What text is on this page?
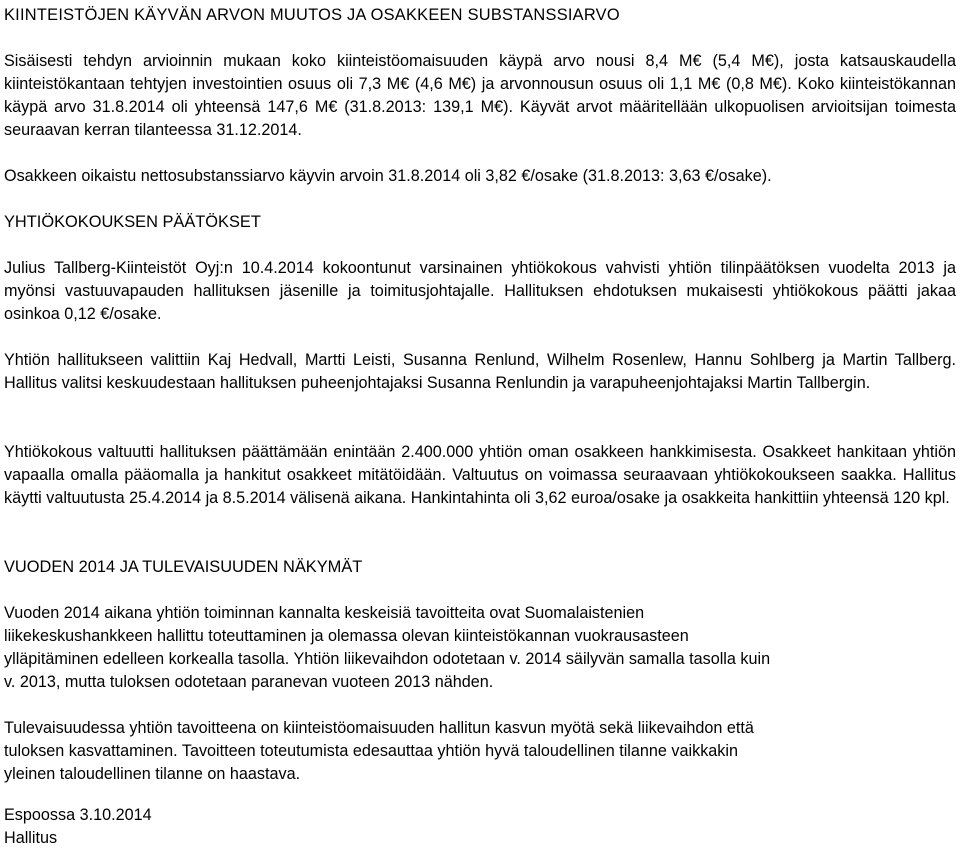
KIINTEISTÖJEN KÄYVÄN ARVON MUUTOS JA OSAKKEEN SUBSTANSSIARVO

Sisäisesti tehdyn arvioinnin mukaan koko kiinteistöomaisuuden käypä arvo nousi 8,4 M€ (5,4 M€), josta katsauskaudella kiinteistökantaan tehtyjen investointien osuus oli 7,3 M€ (4,6 M€) ja arvonnousun osuus oli 1,1 M€ (0,8 M€). Koko kiinteistökannan käypä arvo 31.8.2014 oli yhteensä 147,6 M€ (31.8.2013: 139,1 M€). Käyvät arvot määritellään ulkopuolisen arvioitsijan toimesta seuraavan kerran tilanteessa 31.12.2014.

Osakkeen oikaistu nettosubstanssiarvo käyvin arvoin 31.8.2014 oli 3,82 €/osake (31.8.2013: 3,63 €/osake).

YHTIÖKOKOUKSEN PÄÄTÖKSET

Julius Tallberg-Kiinteistöt Oyj:n 10.4.2014 kokoontunut varsinainen yhtiökokous vahvisti yhtiön tilinpäätöksen vuodelta 2013 ja myönsi vastuuvapauden hallituksen jäsenille ja toimitusjohtajalle. Hallituksen ehdotuksen mukaisesti yhtiökokous päätti jakaa osinkoa 0,12 €/osake.

Yhtiön hallitukseen valittiin Kaj Hedvall, Martti Leisti, Susanna Renlund, Wilhelm Rosenlew, Hannu Sohlberg ja Martin Tallberg. Hallitus valitsi keskuudestaan hallituksen puheenjohtajaksi Susanna Renlundin ja varapuheenjohtajaksi Martin Tallbergin.

Yhtiökokous valtuutti hallituksen päättämään enintään 2.400.000 yhtiön oman osakkeen hankkimisesta. Osakkeet hankitaan yhtiön vapaalla omalla pääomalla ja hankitut osakkeet mitätöidään. Valtuutus on voimassa seuraavaan yhtiökokoukseen saakka. Hallitus käytti valtuutusta 25.4.2014 ja 8.5.2014 välisenä aikana. Hankintahinta oli 3,62 euroa/osake ja osakkeita hankittiin yhteensä 120 kpl.

VUODEN 2014 JA TULEVAISUUDEN NÄKYMÄT
Vuoden 2014 aikana yhtiön toiminnan kannalta keskeisiä tavoitteita ovat Suomalaistenien
liikekeskushankkeen hallittu toteuttaminen ja olemassa olevan kiinteistökannan vuokrausasteen
ylläpitäminen edelleen korkealla tasolla. Yhtiön liikevaihdon odotetaan v. 2014 säilyvän samalla tasolla kuin
v. 2013, mutta tuloksen odotetaan paranevan vuoteen 2013 nähden.
Tulevaisuudessa yhtiön tavoitteena on kiinteistöomaisuuden hallitun kasvun myötä sekä liikevaihdon että
tuloksen kasvattaminen. Tavoitteen toteutumista edesauttaa yhtiön hyvä taloudellinen tilanne vaikkakin
yleinen taloudellinen tilanne on haastava.
Espoossa 3.10.2014
Hallitus
